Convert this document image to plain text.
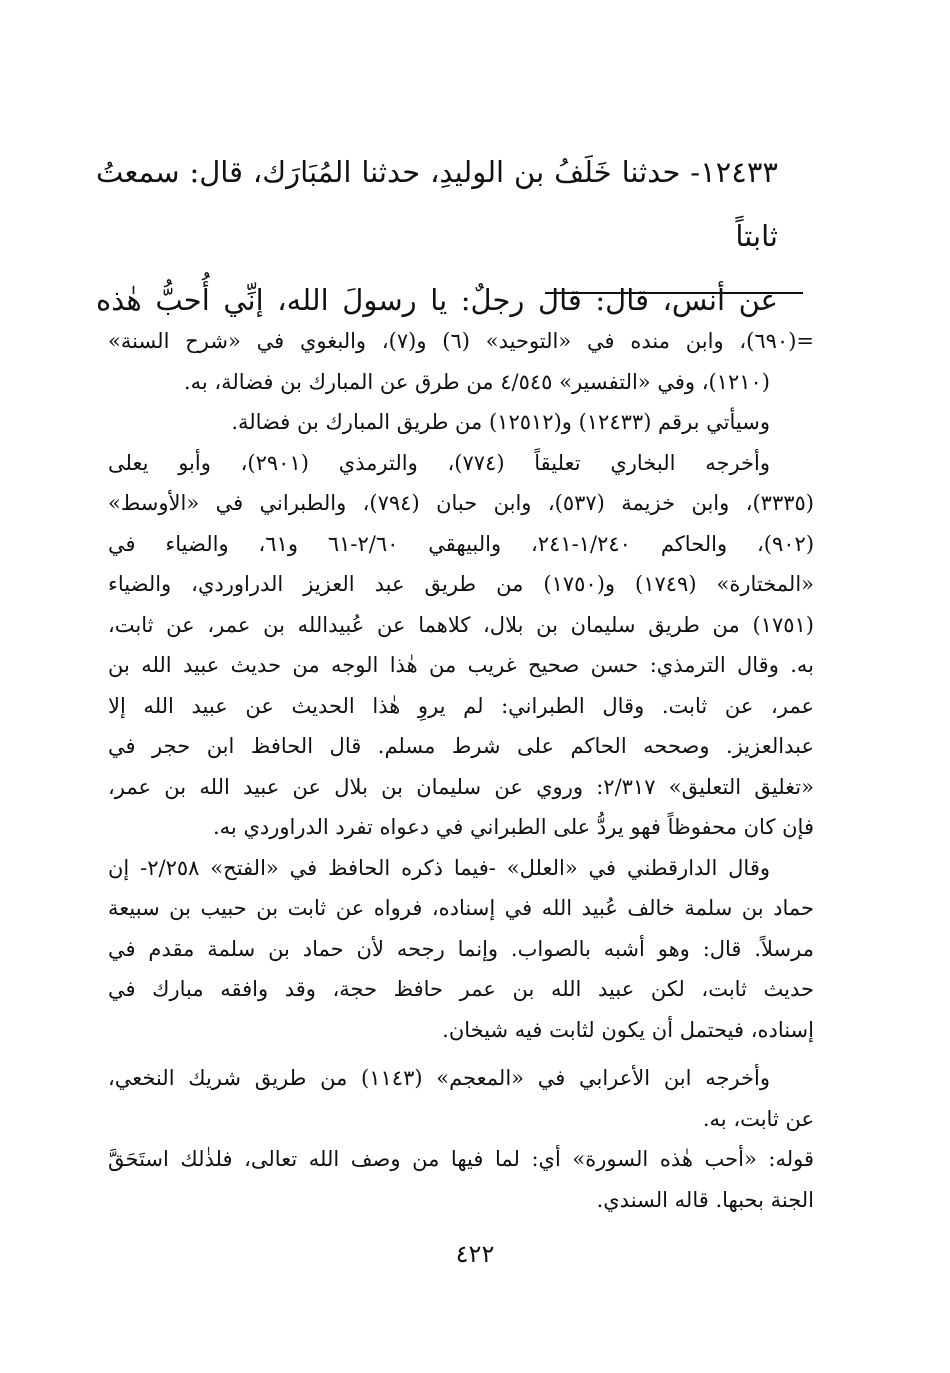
١٢٤٣٣- حدثنا خَلَفُ بن الوليدِ، حدثنا المُبَارَك، قال: سمعتُ ثابتاً

عن أنس، قال: قال رجلٌ: يا رسولَ الله، إنِّي أُحبُّ هٰذه

=(٦٩٠)، وابن منده في «التوحيد» (٦) و(٧)، والبغوي في «شرح السنة»
(١٢١٠)، وفي «التفسير» ٤/٥٤٥ من طرق عن المبارك بن فضالة، به.
وسيأتي برقم (١٢٤٣٣) و(١٢٥١٢) من طريق المبارك بن فضالة.
وأخرجه البخاري تعليقاً (٧٧٤)، والترمذي (٢٩٠١)، وأبو يعلى
(٣٣٣٥)، وابن خزيمة (٥٣٧)، وابن حبان (٧٩٤)، والطبراني في «الأوسط»
(٩٠٢)، والحاكم ١/٢٤٠-٢٤١، والبيهقي ٢/٦٠-٦١ و٦١، والضياء في
«المختارة» (١٧٤٩) و(١٧٥٠) من طريق عبد العزيز الدراوردي، والضياء
(١٧٥١) من طريق سليمان بن بلال، كلاهما عن عُبيدالله بن عمر، عن ثابت،
به. وقال الترمذي: حسن صحيح غريب من هٰذا الوجه من حديث عبيد الله بن
عمر، عن ثابت. وقال الطبراني: لم يروِ هٰذا الحديث عن عبيد الله إلا
عبدالعزيز. وصححه الحاكم على شرط مسلم. قال الحافظ ابن حجر في
«تغليق التعليق» ٢/٣١٧: وروي عن سليمان بن بلال عن عبيد الله بن عمر،
فإن كان محفوظاً فهو يردُّ على الطبراني في دعواه تفرد الدراوردي به.
وقال الدارقطني في «العلل» -فيما ذكره الحافظ في «الفتح» ٢/٢٥٨- إن
حماد بن سلمة خالف عُبيد الله في إسناده، فرواه عن ثابت بن حبيب بن سبيعة
مرسلاً. قال: وهو أشبه بالصواب. وإنما رجحه لأن حماد بن سلمة مقدم في
حديث ثابت، لكن عبيد الله بن عمر حافظ حجة، وقد وافقه مبارك في
إسناده، فيحتمل أن يكون لثابت فيه شيخان.
وأخرجه ابن الأعرابي في «المعجم» (١١٤٣) من طريق شريك النخعي،
عن ثابت، به.
قوله: «أحب هٰذه السورة» أي: لما فيها من وصف الله تعالى، فلذٰلك استَحَقَّ
الجنة بحبها. قاله السندي.
٤٢٢
